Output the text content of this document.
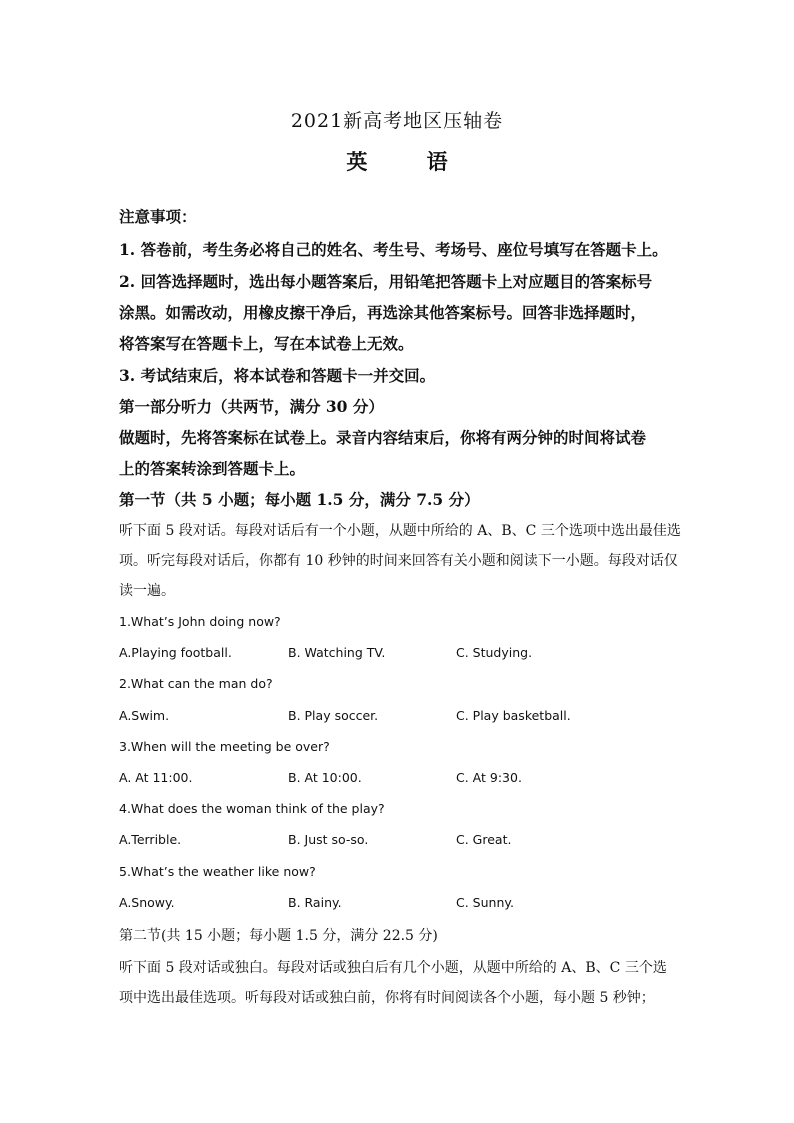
2021新高考地区压轴卷
英 语
注意事项：
1. 答卷前，考生务必将自己的姓名、考生号、考场号、座位号填写在答题卡上。
2. 回答选择题时，选出每小题答案后，用铅笔把答题卡上对应题目的答案标号
涂黑。如需改动，用橡皮擦干净后，再选涂其他答案标号。回答非选择题时，
将答案写在答题卡上，写在本试卷上无效。
3. 考试结束后，将本试卷和答题卡一并交回。
第一部分听力（共两节，满分 30 分）
做题时，先将答案标在试卷上。录音内容结束后，你将有两分钟的时间将试卷
上的答案转涂到答题卡上。
第一节（共 5 小题；每小题 1.5 分，满分 7.5 分）
听下面 5 段对话。每段对话后有一个小题，从题中所给的 A、B、C 三个选项中选出最佳选
项。听完每段对话后，你都有 10 秒钟的时间来回答有关小题和阅读下一小题。每段对话仅
读一遍。
1.What’s John doing now?
A.Playing football.	B. Watching TV.	C. Studying.
2.What can the man do?
A.Swim.	B. Play soccer.	C. Play basketball.
3.When will the meeting be over?
A. At 11:00.	B. At 10:00.	C. At 9:30.
4.What does the woman think of the play?
A.Terrible.	B. Just so-so.	C. Great.
5.What’s the weather like now?
A.Snowy.	B. Rainy.	C. Sunny.
第二节(共 15 小题；每小题 1.5 分，满分 22.5 分)
听下面 5 段对话或独白。每段对话或独白后有几个小题，从题中所给的 A、B、C 三个选
项中选出最佳选项。听每段对话或独白前，你将有时间阅读各个小题，每小题 5 秒钟；
